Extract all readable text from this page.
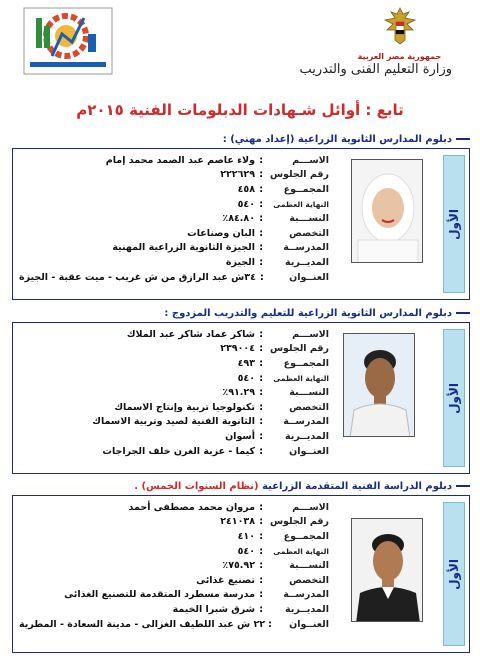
جمهورية مصر العربية
وزارة التعليم الفنى والتدريب
تابع : أوائل شـهادات الدبلومات الفنية ٢٠١٥م
دبلوم المدارس الثانوية الزراعية (إعداد مهني) :
الأول
الاســـم
:
ولاء عاصم عبد الصمد محمد إمام
رقم الجلوس
:
٢٢٢٦٢٩
المجمــوع
:
٤٥٨
النهاية العظمى
:
٥٤٠
النســـبة
:
٨٤.٨٠٪
التخصص
:
البان وصناعات
المدرســة
:
الجيزة الثانوية الزراعية المهنية
المديــرية
:
الجيزة
العنــوان
:
٣٤ش عبد الرازق من ش غريب - ميت عقبة - الجيزة
دبلوم المدارس الثانوية الزراعية للتعليم والتدريب المزدوج :
الأول
الاســـم
:
شاكر عماد شاكر عبد الملاك
رقم الجلوس
:
٢٣٩٠٠٤
المجمــوع
:
٤٩٣
النهاية العظمى
:
٥٤٠
النســـبة
:
٩١.٢٩٪
التخصص
:
تكنولوجيا تربية وإنتاج الاسماك
المدرســة
:
الثانوية الفنية لصيد وتربية الاسماك
المديــرية
:
أسوان
العنــوان
:
كيما - عزبة الغرن خلف الجراجات
دبلوم الدراسة الفنية المتقدمة الزراعية (نظام السنوات الخمس) .
الأول
الاســـم
:
مروان محمد مصطفى أحمد
رقم الجلوس
:
٢٤١٠٣٨
المجمــوع
:
٤١٠
النهاية العظمى
:
٥٤٠
النســـبة
:
٧٥.٩٢٪
التخصص
:
تصنيع غذائى
المدرســة
:
مدرسة مسطرد المتقدمة للتصنيع الغذائى
المديــرية
:
شرق شبرا الخيمة
العنــوان
:
٢٢ ش عبد اللطيف الغزالى - مدينة السعادة - المطرية
